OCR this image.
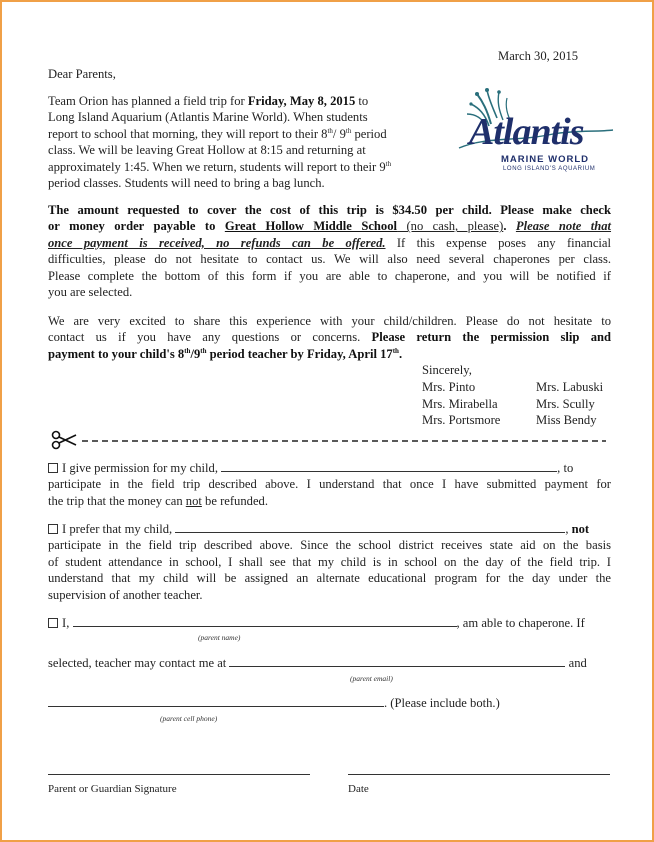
March 30, 2015
Dear Parents,
Atlantis
MARINE WORLD
LONG ISLAND'S AQUARIUM
Team Orion has planned a field trip for Friday, May 8, 2015 to
Long Island Aquarium (Atlantis Marine World). When students
report to school that morning, they will report to their 8th/ 9th period
class. We will be leaving Great Hollow at 8:15 and returning at
approximately 1:45. When we return, students will report to their 9th
period classes. Students will need to bring a bag lunch.
The amount requested to cover the cost of this trip is $34.50 per child. Please make check
or money order payable to Great Hollow Middle School (no cash, please). Please note that
once payment is received, no refunds can be offered. If this expense poses any financial
difficulties, please do not hesitate to contact us. We will also need several chaperones per class.
Please complete the bottom of this form if you are able to chaperone, and you will be notified if
you are selected.
We are very excited to share this experience with your child/children. Please do not hesitate to
contact us if you have any questions or concerns. Please return the permission slip and
payment to your child's 8th/9th period teacher by Friday, April 17th.
Sincerely,
Mrs. Pinto	Mrs. Labuski
Mrs. Mirabella	Mrs. Scully
Mrs. Portsmore	Miss Bendy
I give permission for my child,	, to
participate in the field trip described above. I understand that once I have submitted payment for
the trip that the money can not be refunded.
I prefer that my child,	, not
participate in the field trip described above. Since the school district receives state aid on the basis
of student attendance in school, I shall see that my child is in school on the day of the field trip. I
understand that my child will be assigned an alternate educational program for the day under the
supervision of another teacher.
I,	, am able to chaperone. If
(parent name)
selected, teacher may contact me at	and
(parent email)
. (Please include both.)
(parent cell phone)
Parent or Guardian Signature	Date
